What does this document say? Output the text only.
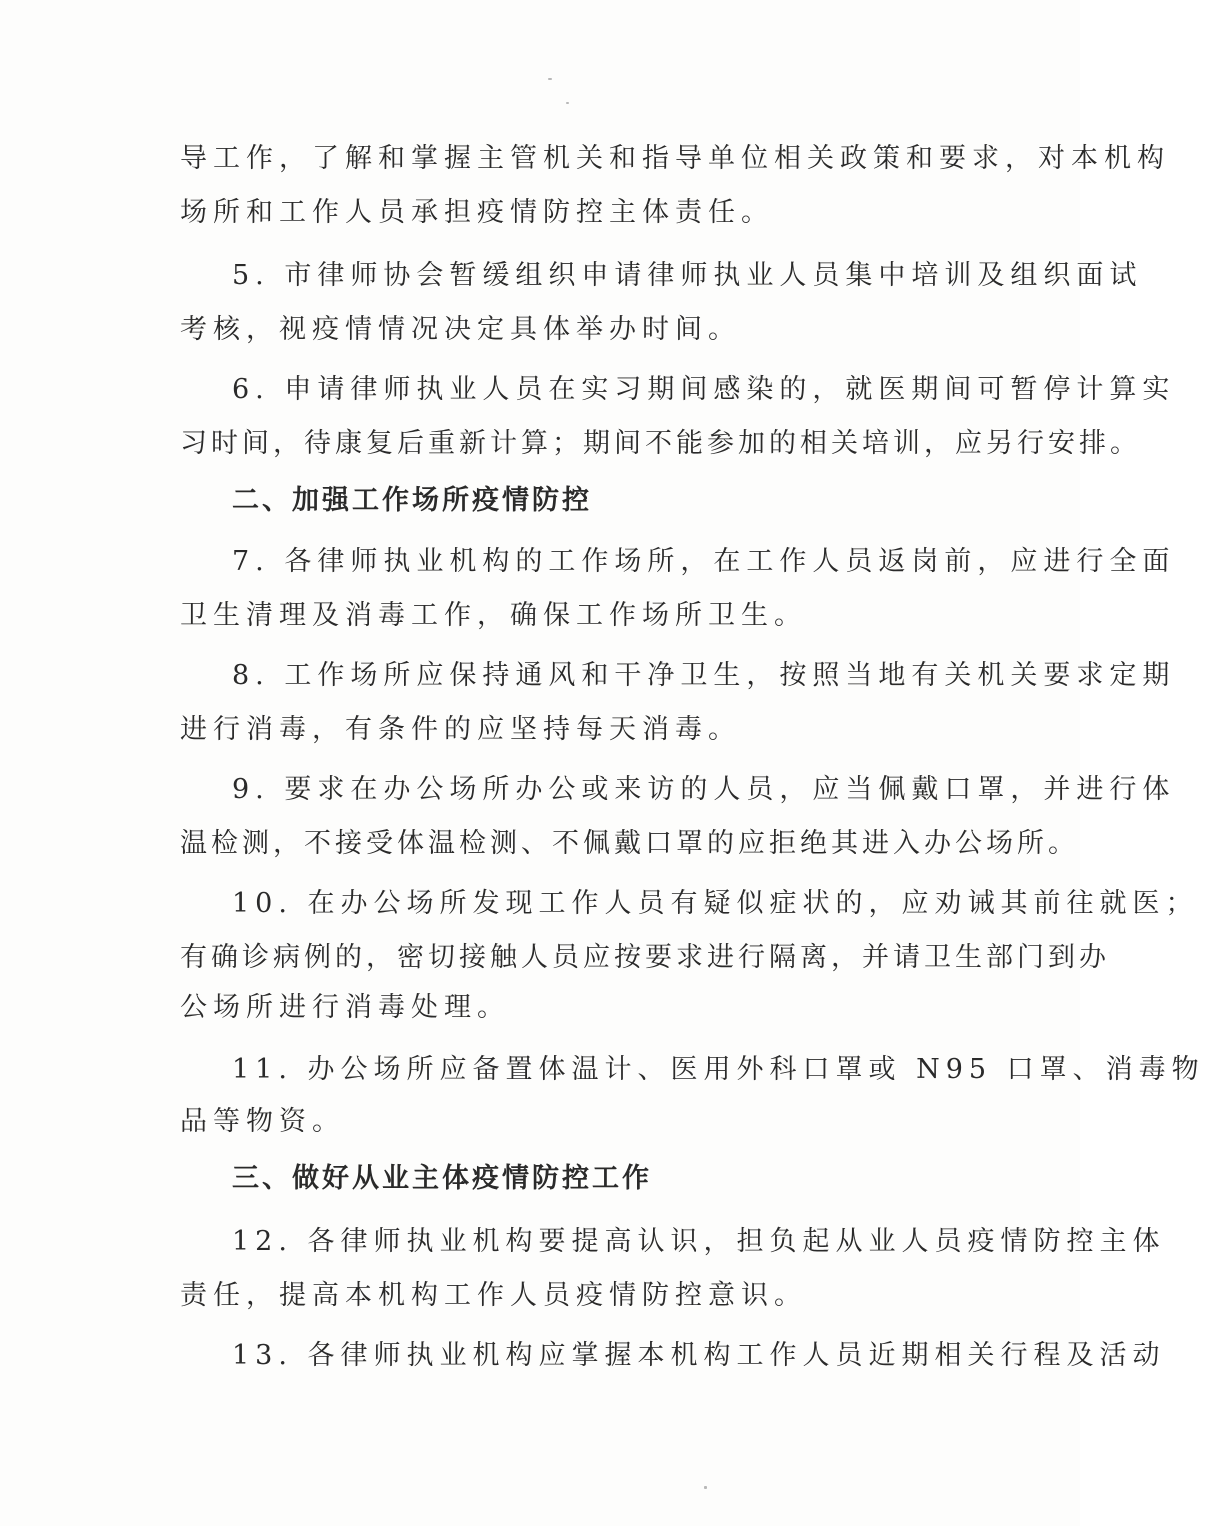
导工作，了解和掌握主管机关和指导单位相关政策和要求，对本机构
场所和工作人员承担疫情防控主体责任。
5. 市律师协会暂缓组织申请律师执业人员集中培训及组织面试
考核，视疫情情况决定具体举办时间。
6. 申请律师执业人员在实习期间感染的，就医期间可暂停计算实
习时间，待康复后重新计算；期间不能参加的相关培训，应另行安排。
二、加强工作场所疫情防控
7. 各律师执业机构的工作场所，在工作人员返岗前，应进行全面
卫生清理及消毒工作，确保工作场所卫生。
8. 工作场所应保持通风和干净卫生，按照当地有关机关要求定期
进行消毒，有条件的应坚持每天消毒。
9. 要求在办公场所办公或来访的人员，应当佩戴口罩，并进行体
温检测，不接受体温检测、不佩戴口罩的应拒绝其进入办公场所。
10. 在办公场所发现工作人员有疑似症状的，应劝诫其前往就医；
有确诊病例的，密切接触人员应按要求进行隔离，并请卫生部门到办
公场所进行消毒处理。
11. 办公场所应备置体温计、医用外科口罩或 N95 口罩、消毒物
品等物资。
三、做好从业主体疫情防控工作
12. 各律师执业机构要提高认识，担负起从业人员疫情防控主体
责任，提高本机构工作人员疫情防控意识。
13. 各律师执业机构应掌握本机构工作人员近期相关行程及活动
